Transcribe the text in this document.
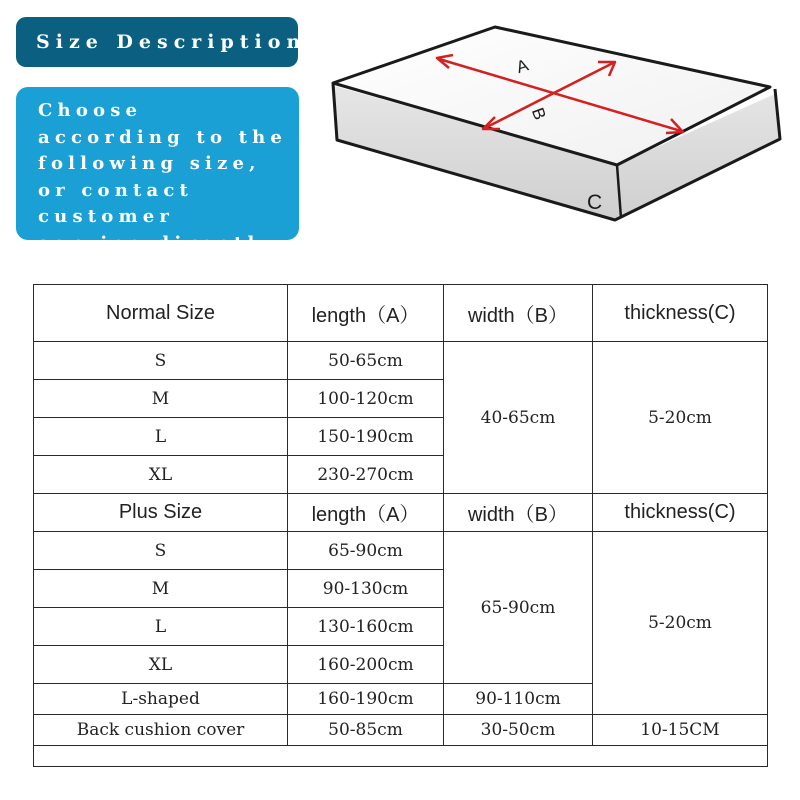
Size Description
Choose according to the following size, or contact customer service directly.
A
B
C
Normal Size	length（A）	width（B）	thickness(C)
S	50-65cm	40-65cm	5-20cm
M	100-120cm		
L	150-190cm		
XL	230-270cm		
Plus Size	length（A）	width（B）	thickness(C)
S	65-90cm	65-90cm	5-20cm
M	90-130cm		
L	130-160cm		
XL	160-200cm		
L-shaped	160-190cm	90-110cm	
Back cushion cover	50-85cm	30-50cm	10-15CM
